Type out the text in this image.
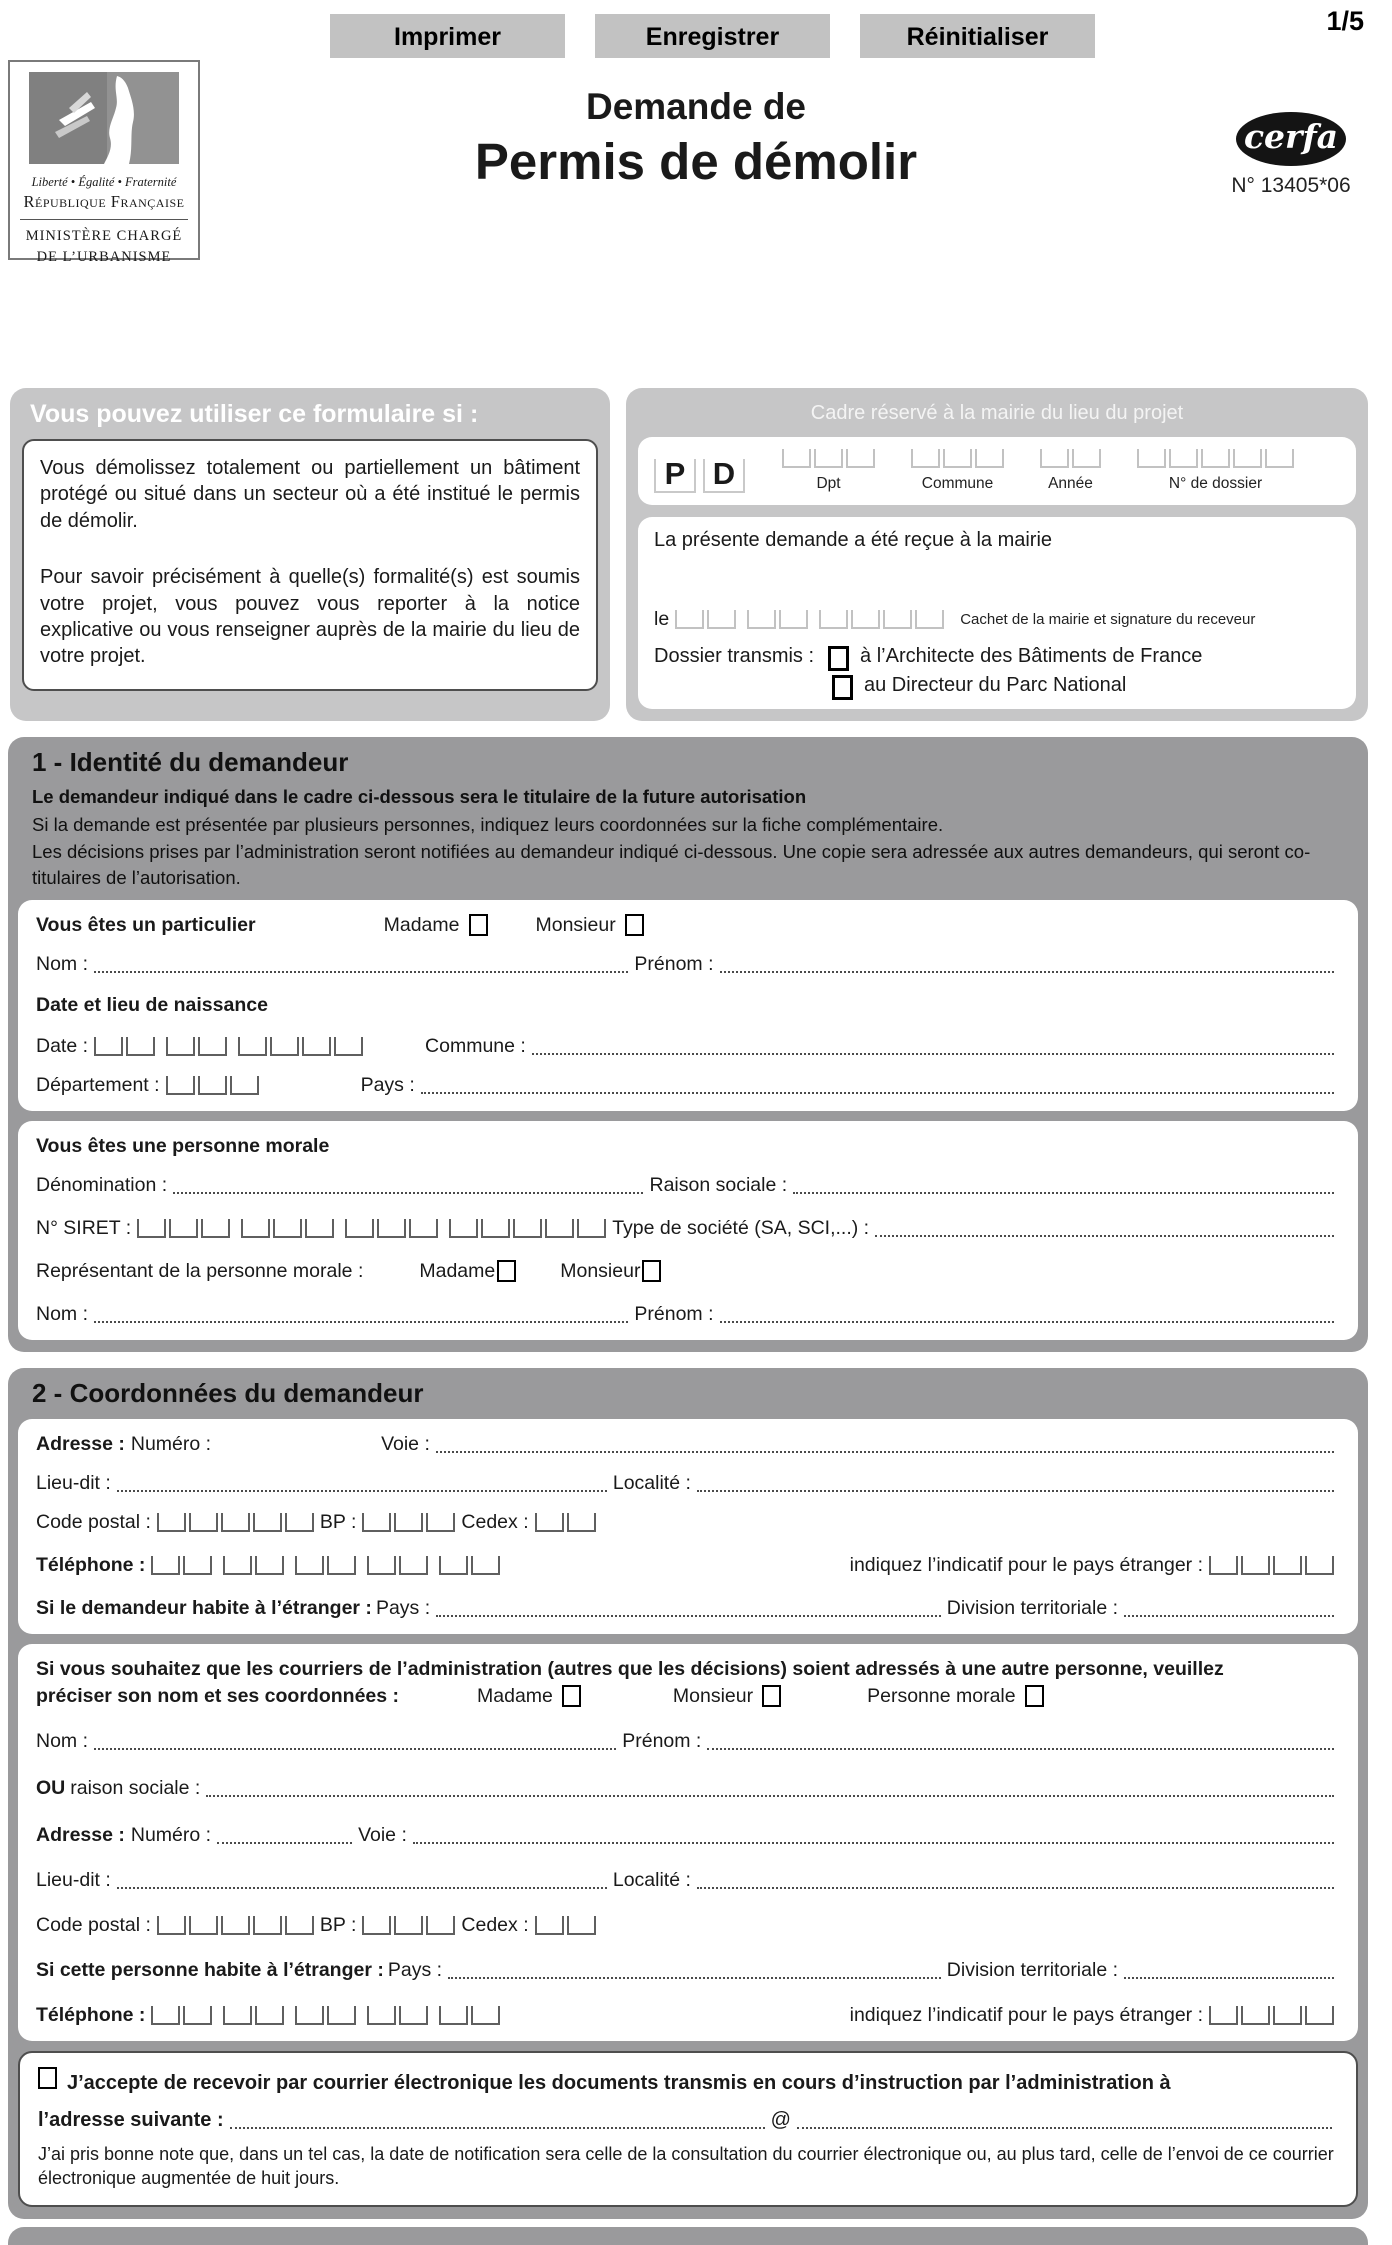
Imprimer	Enregistrer	Réinitialiser
1/5
Liberté • Égalité • Fraternité
République Française
MINISTÈRE CHARGÉ
DE L’URBANISME
Demande de
Permis de démolir	cerfa
N° 13405*06
Vous pouvez utiliser ce formulaire si :

Vous démolissez totalement ou partiellement un bâtiment protégé ou situé dans un secteur où a été institué le permis de démolir.

Pour savoir précisément à quelle(s) formalité(s) est soumis votre projet, vous pouvez vous reporter à la notice explicative ou vous renseigner auprès de la mairie du lieu de votre projet.

Cadre réservé à la mairie du lieu du projet
P D	Dpt	Commune	Année	N° de dossier
La présente demande a été reçue à la mairie
le	Cachet de la mairie et signature du receveur
Dossier transmis : à l’Architecte des Bâtiments de France
au Directeur du Parc National
1 - Identité du demandeur
Le demandeur indiqué dans le cadre ci-dessous sera le titulaire de la future autorisation
Si la demande est présentée par plusieurs personnes, indiquez leurs coordonnées sur la fiche complémentaire.
Les décisions prises par l’administration seront notifiées au demandeur indiqué ci-dessous. Une copie sera adressée aux autres demandeurs, qui seront co-titulaires de l’autorisation.
Vous êtes un particulier	Madame	Monsieur
Nom :	Prénom :
Date et lieu de naissance
Date :	Commune :
Département :	Pays :
Vous êtes une personne morale
Dénomination :	Raison sociale :
N° SIRET :	Type de société (SA, SCI,...) :
Représentant de la personne morale :	Madame	Monsieur
Nom :	Prénom :
2 - Coordonnées du demandeur
Adresse : Numéro :	Voie :
Lieu-dit :	Localité :
Code postal :	BP :	Cedex :
Téléphone :	indiquez l’indicatif pour le pays étranger :
Si le demandeur habite à l’étranger : Pays :	Division territoriale :
Si vous souhaitez que les courriers de l’administration (autres que les décisions) soient adressés à une autre personne, veuillez
préciser son nom et ses coordonnées :	Madame	Monsieur	Personne morale
Nom :	Prénom :
OU raison sociale :
Adresse : Numéro :	Voie :
Lieu-dit :	Localité :
Code postal :	BP :	Cedex :
Si cette personne habite à l’étranger : Pays :	Division territoriale :
Téléphone :	indiquez l’indicatif pour le pays étranger :
J’accepte de recevoir par courrier électronique les documents transmis en cours d’instruction par l’administration à
l’adresse suivante :	@
J’ai pris bonne note que, dans un tel cas, la date de notification sera celle de la consultation du courrier électronique ou, au plus tard, celle de l’envoi de ce courrier électronique augmentée de huit jours.
